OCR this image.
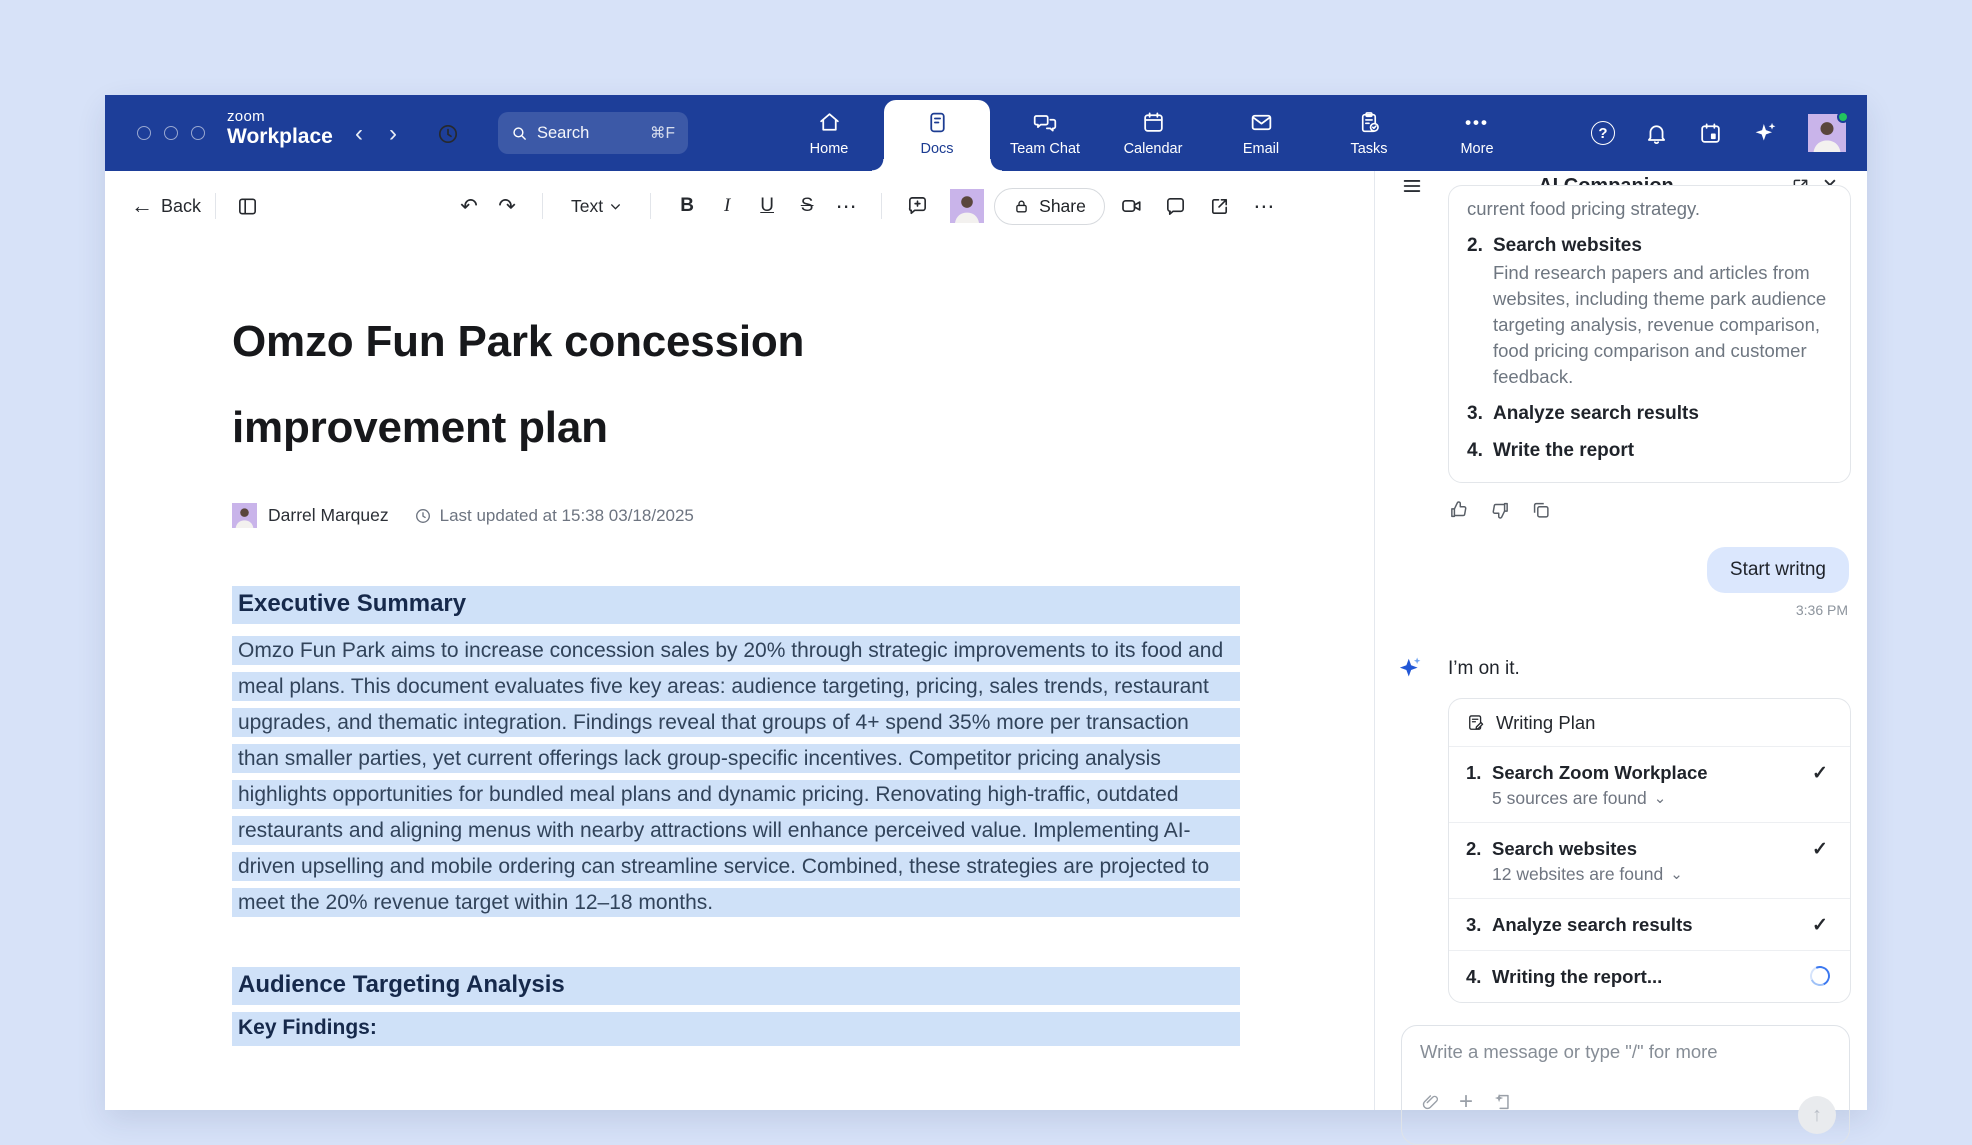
zoom
Workplace ‹ ›	Search	⌘F
Home	Docs	Team Chat	Calendar	Email	Tasks
•••
More
?
← Back	↶ ↷	Text	B	I	U	S	⋯	Share	⋯
Omzo Fun Park concession improvement plan
Darrel Marquez	Last updated at 15:38 03/18/2025
Executive Summary
Omzo Fun Park aims to increase concession sales by 20% through strategic improvements to its food and meal plans. This document evaluates five key areas: audience targeting, pricing, sales trends, restaurant upgrades, and thematic integration. Findings reveal that groups of 4+ spend 35% more per transaction than smaller parties, yet current offerings lack group-specific incentives. Competitor pricing analysis highlights opportunities for bundled meal plans and dynamic pricing. Renovating high-traffic, outdated restaurants and aligning menus with nearby attractions will enhance perceived value. Implementing AI-driven upselling and mobile ordering can streamline service. Combined, these strategies are projected to meet the 20% revenue target within 12–18 months.
Audience Targeting Analysis
Key Findings:
current food pricing strategy.
2. Search websites
Find research papers and articles from websites, including theme park audience targeting analysis, revenue comparison, food pricing comparison and customer feedback.
3. Analyze search results
4. Write the report
Start writng
3:36 PM
I’m on it.
Writing Plan
1. Search Zoom Workplace
5 sources are found ⌄
✓
2. Search websites
12 websites are found ⌄
✓
3. Analyze search results	✓
4. Writing the report...
Write a message or type "/" for more
+	↑
